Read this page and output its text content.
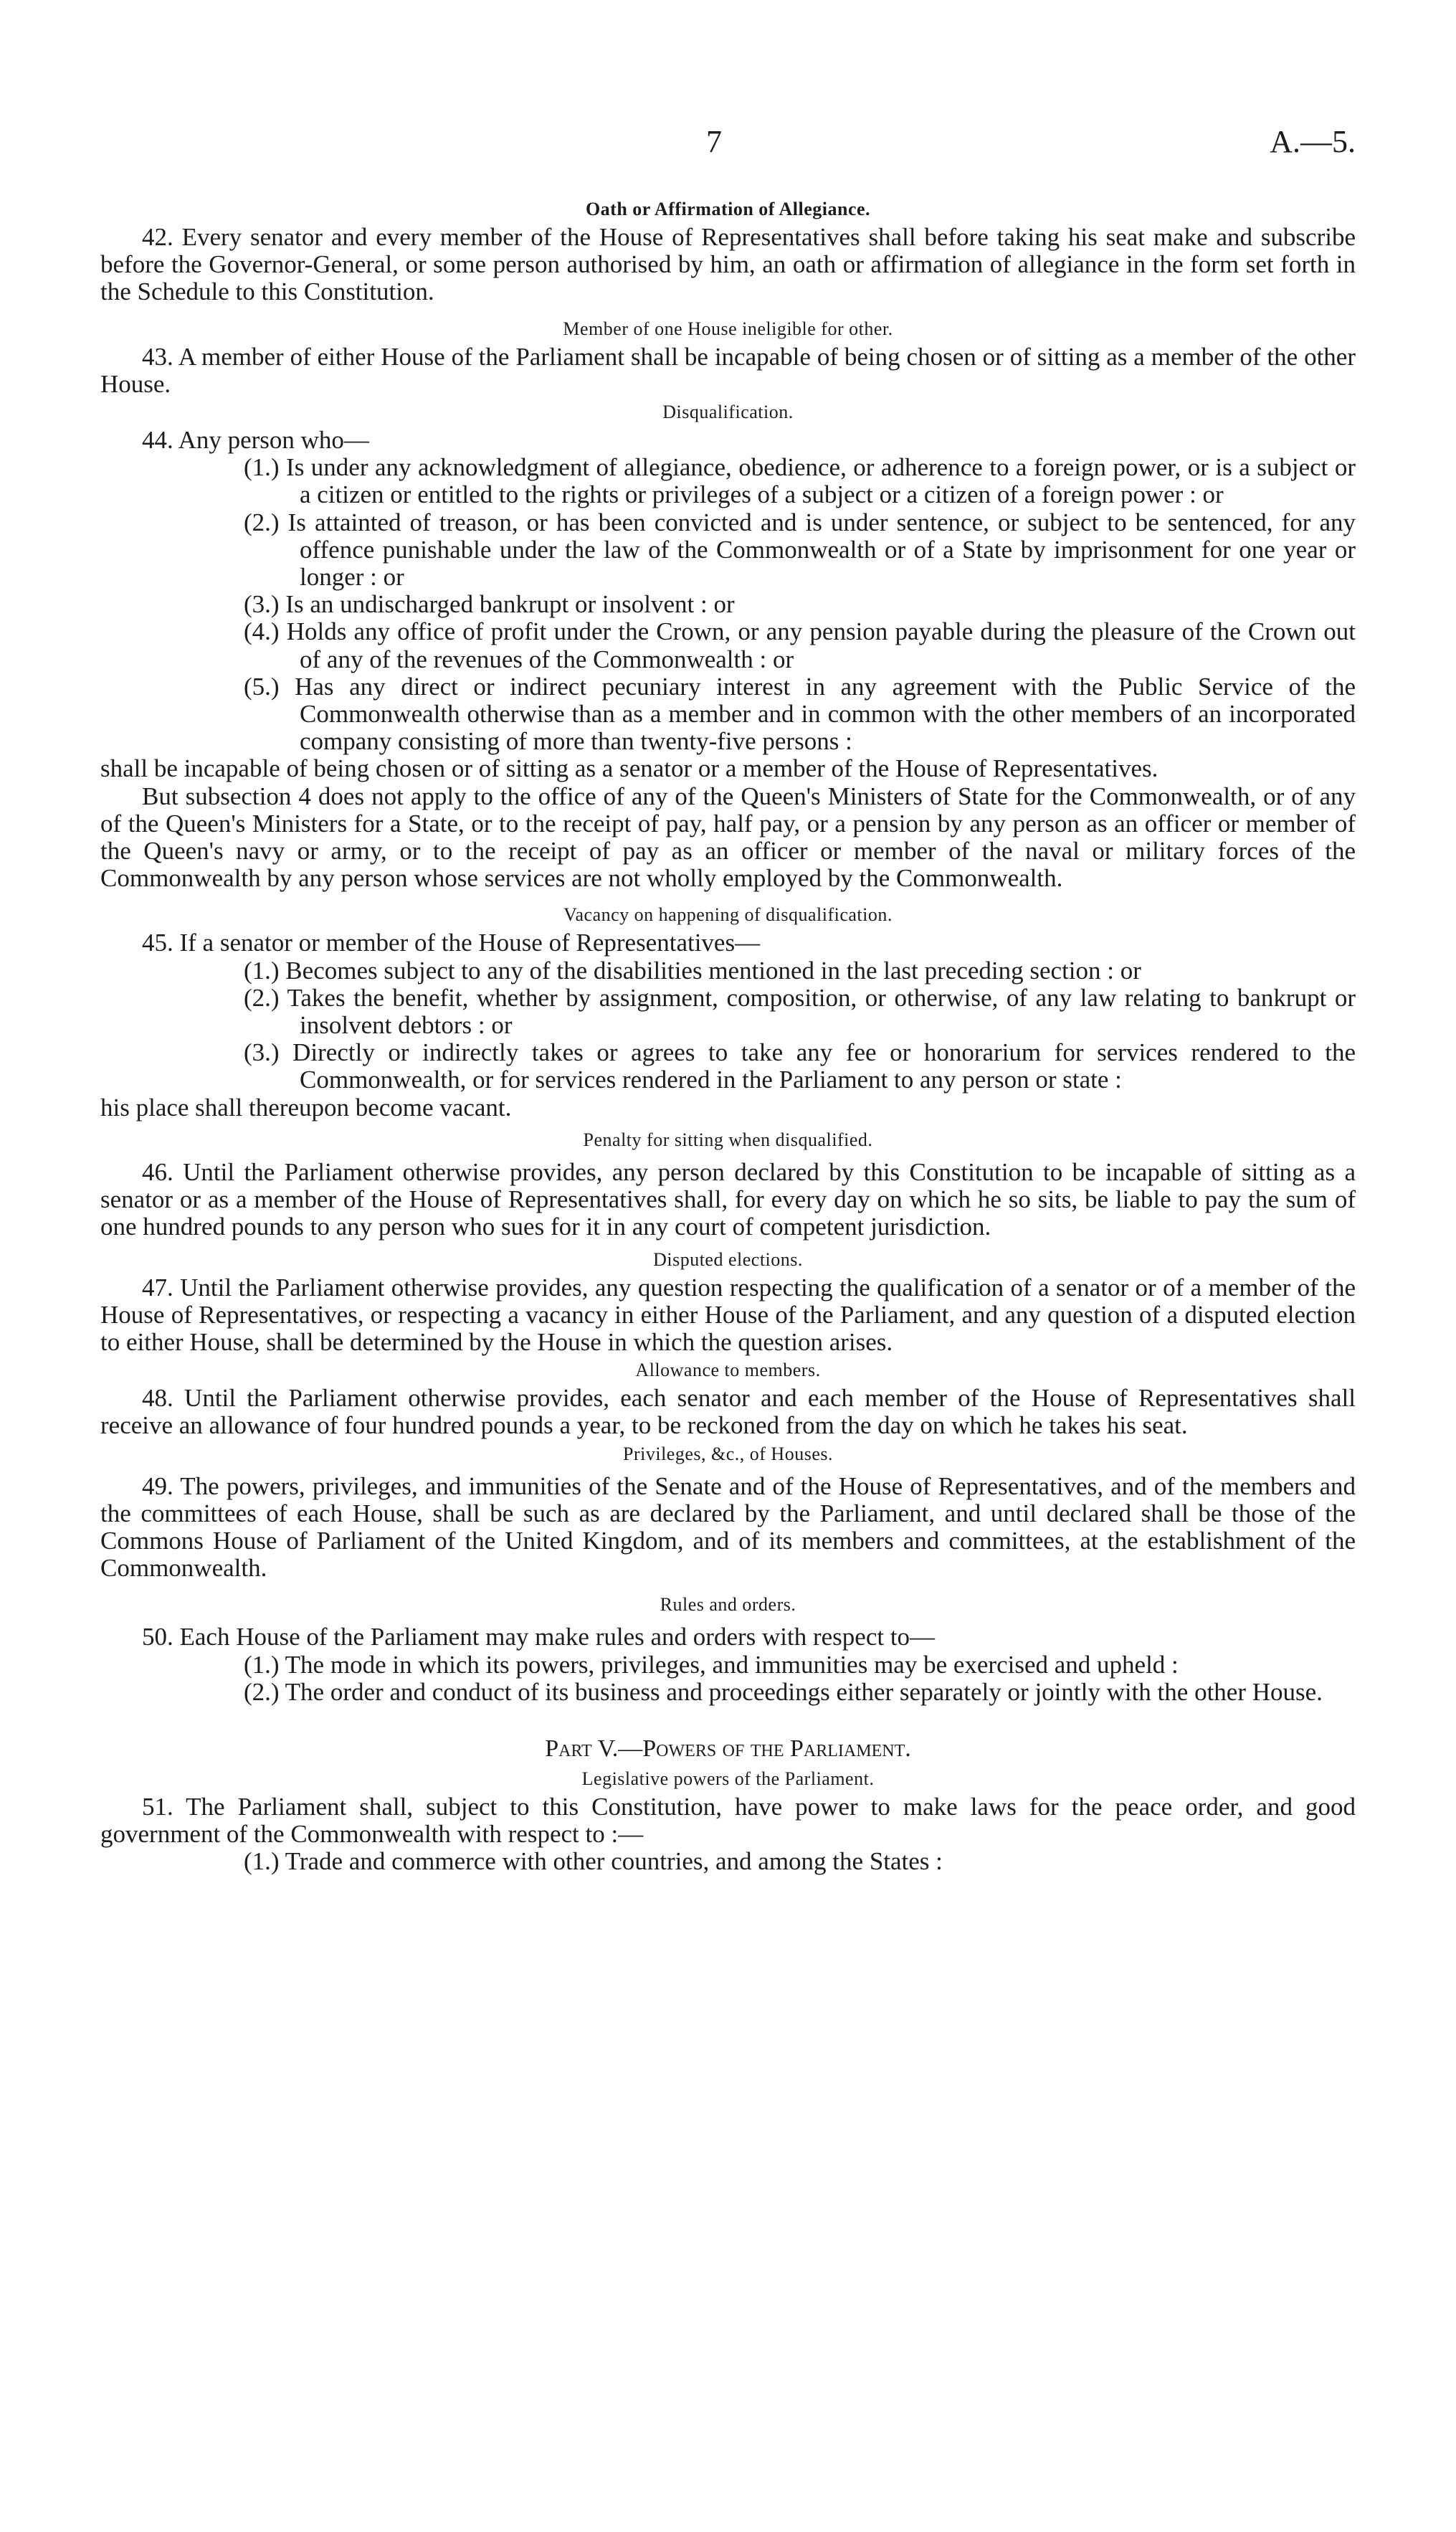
7	A.—5.
Oath or Affirmation of Allegiance.

42. Every senator and every member of the House of Representatives shall before taking his seat make and subscribe before the Governor-General, or some person authorised by him, an oath or affirmation of allegiance in the form set forth in the Schedule to this Constitution.

Member of one House ineligible for other.

43. A member of either House of the Parliament shall be incapable of being chosen or of sitting as a member of the other House.

Disqualification.

44. Any person who—

(1.) Is under any acknowledgment of allegiance, obedience, or adherence to a foreign power, or is a subject or a citizen or entitled to the rights or privileges of a subject or a citizen of a foreign power : or

(2.) Is attainted of treason, or has been convicted and is under sentence, or subject to be sentenced, for any offence punishable under the law of the Commonwealth or of a State by imprisonment for one year or longer : or

(3.) Is an undischarged bankrupt or insolvent : or

(4.) Holds any office of profit under the Crown, or any pension payable during the pleasure of the Crown out of any of the revenues of the Commonwealth : or

(5.) Has any direct or indirect pecuniary interest in any agreement with the Public Service of the Commonwealth otherwise than as a member and in common with the other members of an incorporated company consisting of more than twenty-five persons :

shall be incapable of being chosen or of sitting as a senator or a member of the House of Representatives.

But subsection 4 does not apply to the office of any of the Queen's Ministers of State for the Commonwealth, or of any of the Queen's Ministers for a State, or to the receipt of pay, half pay, or a pension by any person as an officer or member of the Queen's navy or army, or to the receipt of pay as an officer or member of the naval or military forces of the Commonwealth by any person whose services are not wholly employed by the Commonwealth.

Vacancy on happening of disqualification.

45. If a senator or member of the House of Representatives—

(1.) Becomes subject to any of the disabilities mentioned in the last preceding section : or

(2.) Takes the benefit, whether by assignment, composition, or otherwise, of any law relating to bankrupt or insolvent debtors : or

(3.) Directly or indirectly takes or agrees to take any fee or honorarium for services rendered to the Commonwealth, or for services rendered in the Parliament to any person or state :

his place shall thereupon become vacant.

Penalty for sitting when disqualified.

46. Until the Parliament otherwise provides, any person declared by this Constitution to be incapable of sitting as a senator or as a member of the House of Representatives shall, for every day on which he so sits, be liable to pay the sum of one hundred pounds to any person who sues for it in any court of competent jurisdiction.

Disputed elections.

47. Until the Parliament otherwise provides, any question respecting the qualification of a senator or of a member of the House of Representatives, or respecting a vacancy in either House of the Parliament, and any question of a disputed election to either House, shall be determined by the House in which the question arises.

Allowance to members.

48. Until the Parliament otherwise provides, each senator and each member of the House of Representatives shall receive an allowance of four hundred pounds a year, to be reckoned from the day on which he takes his seat.

Privileges, &c., of Houses.

49. The powers, privileges, and immunities of the Senate and of the House of Representatives, and of the members and the committees of each House, shall be such as are declared by the Parliament, and until declared shall be those of the Commons House of Parliament of the United Kingdom, and of its members and committees, at the establishment of the Commonwealth.

Rules and orders.

50. Each House of the Parliament may make rules and orders with respect to—

(1.) The mode in which its powers, privileges, and immunities may be exercised and upheld :

(2.) The order and conduct of its business and proceedings either separately or jointly with the other House.

Part V.—Powers of the Parliament.
Legislative powers of the Parliament.

51. The Parliament shall, subject to this Constitution, have power to make laws for the peace order, and good government of the Commonwealth with respect to :—

(1.) Trade and commerce with other countries, and among the States :
